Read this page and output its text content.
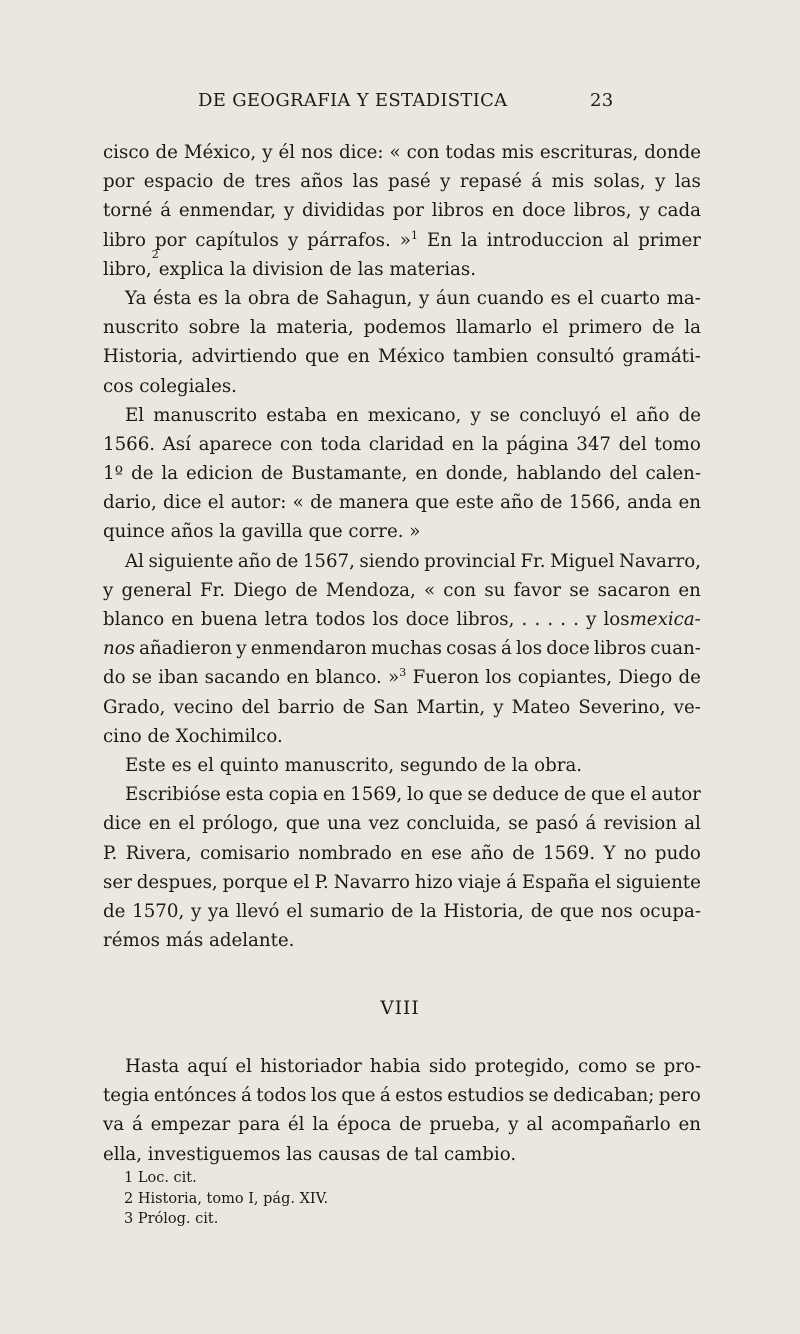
DE GEOGRAFIA Y ESTADISTICA	23
cisco de México, y él nos dice: « con todas mis escrituras, donde
por espacio de tres años las pasé y repasé á mis solas, y las
torné á enmendar, y divididas por libros en doce libros, y cada
libro por capítulos y párrafos. »$^1$ En la introduccion al primer
libro,
2
explica la division de las materias.
Ya ésta es la obra de Sahagun, y áun cuando es el cuarto ma-
nuscrito sobre la materia, podemos llamarlo el primero de la
Historia, advirtiendo que en México tambien consultó gramáti-
cos colegiales.
El manuscrito estaba en mexicano, y se concluyó el año de
1566. Así aparece con toda claridad en la página 347 del tomo
1º de la edicion de Bustamante, en donde, hablando del calen-
dario, dice el autor: « de manera que este año de 1566, anda en
quince años la gavilla que corre. »
Al siguiente año de 1567, siendo provincial Fr. Miguel Navarro,
y general Fr. Diego de Mendoza, « con su favor se sacaron en
blanco en buena letra todos los doce libros, . . . . . y losmexica-
nos añadieron y enmendaron muchas cosas á los doce libros cuan-
do se iban sacando en blanco. »$^3$ Fueron los copiantes, Diego de
Grado, vecino del barrio de San Martin, y Mateo Severino, ve-
cino de Xochimilco.
Este es el quinto manuscrito, segundo de la obra.
Escribióse esta copia en 1569, lo que se deduce de que el autor
dice en el prólogo, que una vez concluida, se pasó á revision al
P. Rivera, comisario nombrado en ese año de 1569. Y no pudo
ser despues, porque el P. Navarro hizo viaje á España el siguiente
de 1570, y ya llevó el sumario de la Historia, de que nos ocupa-
rémos más adelante.
VIII
Hasta aquí el historiador habia sido protegido, como se pro-
tegia entónces á todos los que á estos estudios se dedicaban; pero
va á empezar para él la época de prueba, y al acompañarlo en
ella, investiguemos las causas de tal cambio.
1 Loc. cit.
2 Historia, tomo I, pág. XIV.
3 Prólog. cit.
